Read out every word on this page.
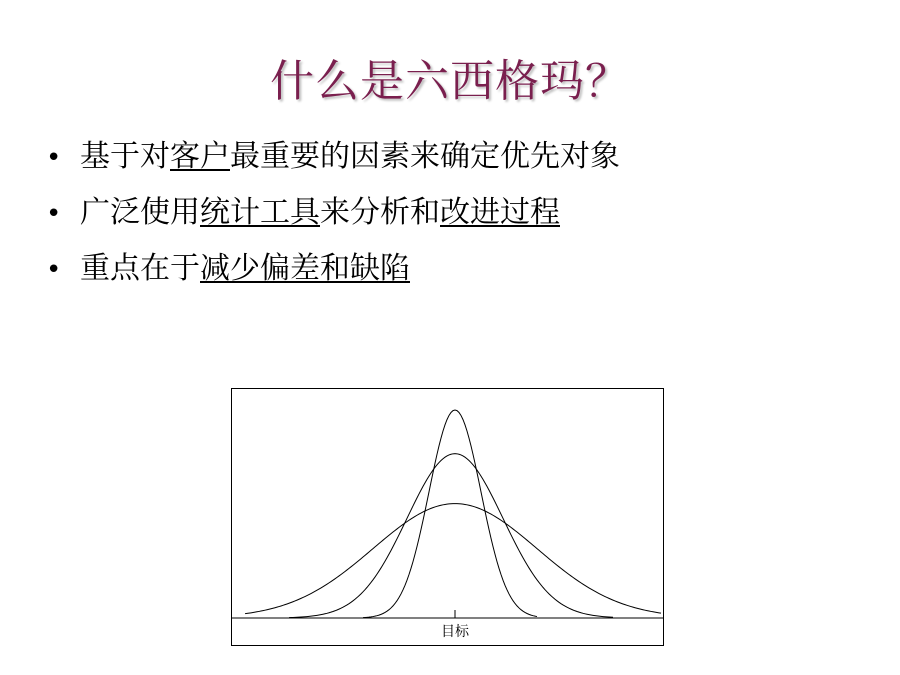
什么是六西格玛？
• 基于对 客户 最重要的因素来确定优先对象
• 广泛使用 统计工具 来分析和 改进过程
• 重点在于 减少偏差和缺陷
目标
